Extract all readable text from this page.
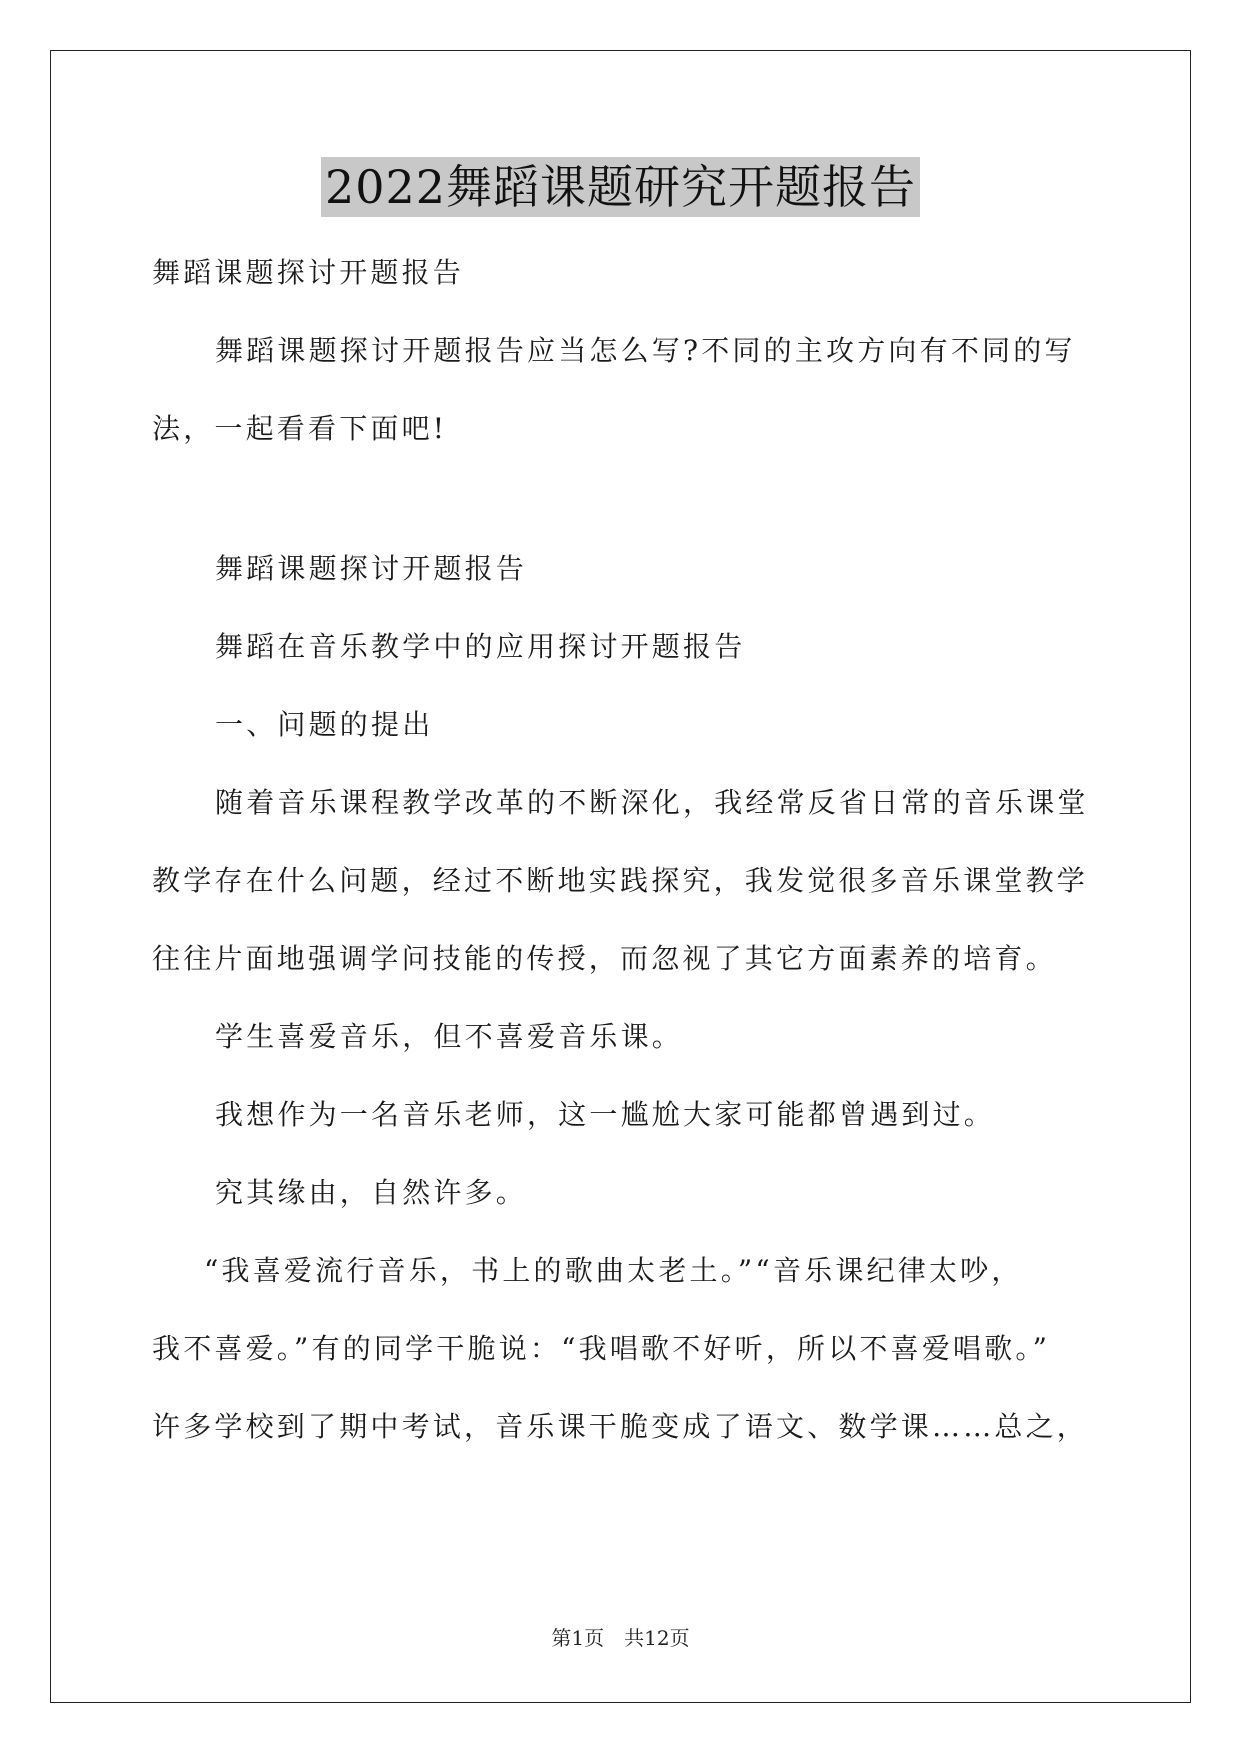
2022舞蹈课题研究开题报告
舞蹈课题探讨开题报告
舞蹈课题探讨开题报告应当怎么写?不同的主攻方向有不同的写
法，一起看看下面吧!
舞蹈课题探讨开题报告
舞蹈在音乐教学中的应用探讨开题报告
一、问题的提出
随着音乐课程教学改革的不断深化，我经常反省日常的音乐课堂
教学存在什么问题，经过不断地实践探究，我发觉很多音乐课堂教学
往往片面地强调学问技能的传授，而忽视了其它方面素养的培育。
学生喜爱音乐，但不喜爱音乐课。
我想作为一名音乐老师，这一尴尬大家可能都曾遇到过。
究其缘由，自然许多。
“我喜爱流行音乐，书上的歌曲太老土。”“音乐课纪律太吵，
我不喜爱。”有的同学干脆说：“我唱歌不好听，所以不喜爱唱歌。”
许多学校到了期中考试，音乐课干脆变成了语文、数学课……总之，
第1页 共12页
